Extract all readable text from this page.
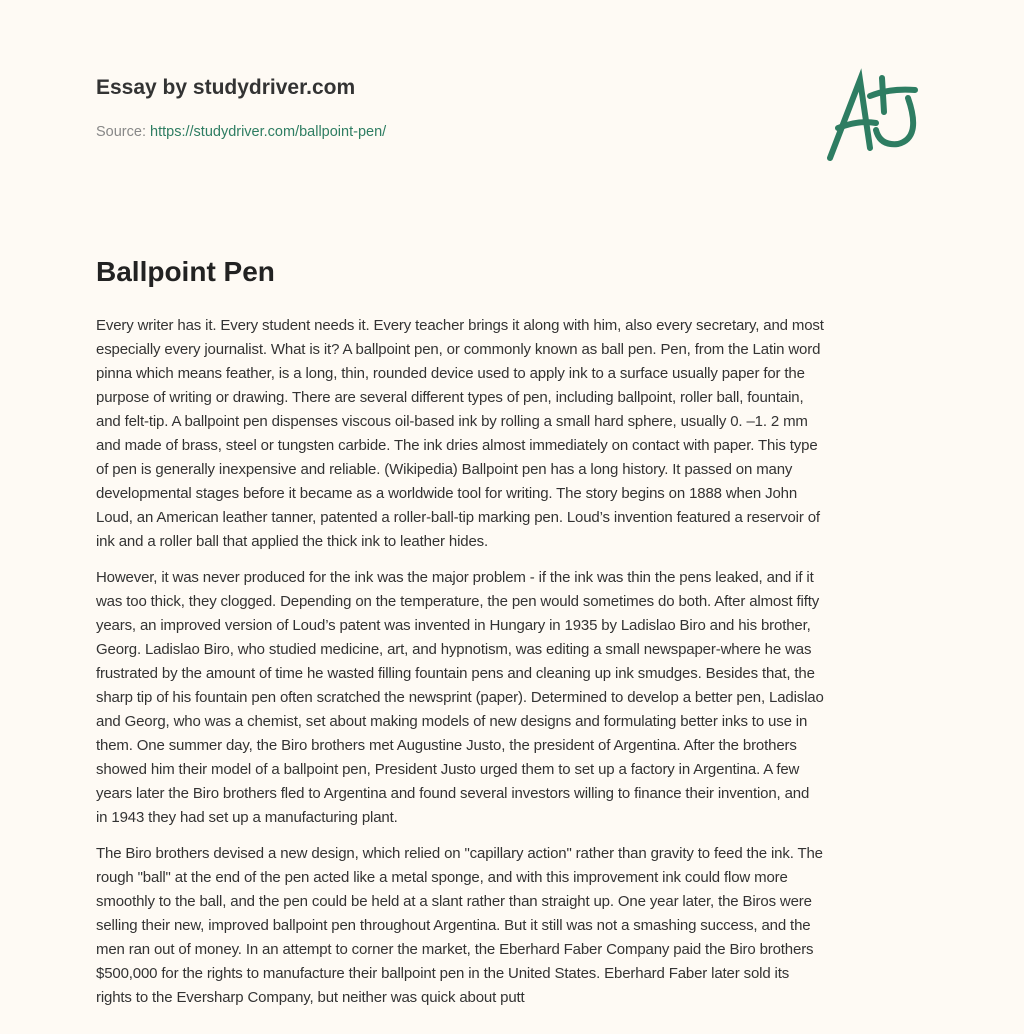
Essay by studydriver.com
Source: https://studydriver.com/ballpoint-pen/
Ballpoint Pen

Every writer has it. Every student needs it. Every teacher brings it along with him, also every secretary, and most
especially every journalist. What is it? A ballpoint pen, or commonly known as ball pen. Pen, from the Latin word
pinna which means feather, is a long, thin, rounded device used to apply ink to a surface usually paper for the
purpose of writing or drawing. There are several different types of pen, including ballpoint, roller ball, fountain,
and felt-tip. A ballpoint pen dispenses viscous oil-based ink by rolling a small hard sphere, usually 0. –1. 2 mm
and made of brass, steel or tungsten carbide. The ink dries almost immediately on contact with paper. This type
of pen is generally inexpensive and reliable. (Wikipedia) Ballpoint pen has a long history. It passed on many
developmental stages before it became as a worldwide tool for writing. The story begins on 1888 when John
Loud, an American leather tanner, patented a roller-ball-tip marking pen. Loud’s invention featured a reservoir of
ink and a roller ball that applied the thick ink to leather hides.

However, it was never produced for the ink was the major problem - if the ink was thin the pens leaked, and if it
was too thick, they clogged. Depending on the temperature, the pen would sometimes do both. After almost fifty
years, an improved version of Loud’s patent was invented in Hungary in 1935 by Ladislao Biro and his brother,
Georg. Ladislao Biro, who studied medicine, art, and hypnotism, was editing a small newspaper-where he was
frustrated by the amount of time he wasted filling fountain pens and cleaning up ink smudges. Besides that, the
sharp tip of his fountain pen often scratched the newsprint (paper). Determined to develop a better pen, Ladislao
and Georg, who was a chemist, set about making models of new designs and formulating better inks to use in
them. One summer day, the Biro brothers met Augustine Justo, the president of Argentina. After the brothers
showed him their model of a ballpoint pen, President Justo urged them to set up a factory in Argentina. A few
years later the Biro brothers fled to Argentina and found several investors willing to finance their invention, and
in 1943 they had set up a manufacturing plant.

The Biro brothers devised a new design, which relied on "capillary action" rather than gravity to feed the ink. The
rough "ball" at the end of the pen acted like a metal sponge, and with this improvement ink could flow more
smoothly to the ball, and the pen could be held at a slant rather than straight up. One year later, the Biros were
selling their new, improved ballpoint pen throughout Argentina. But it still was not a smashing success, and the
men ran out of money. In an attempt to corner the market, the Eberhard Faber Company paid the Biro brothers
$500,000 for the rights to manufacture their ballpoint pen in the United States. Eberhard Faber later sold its
rights to the Eversharp Company, but neither was quick about putt
